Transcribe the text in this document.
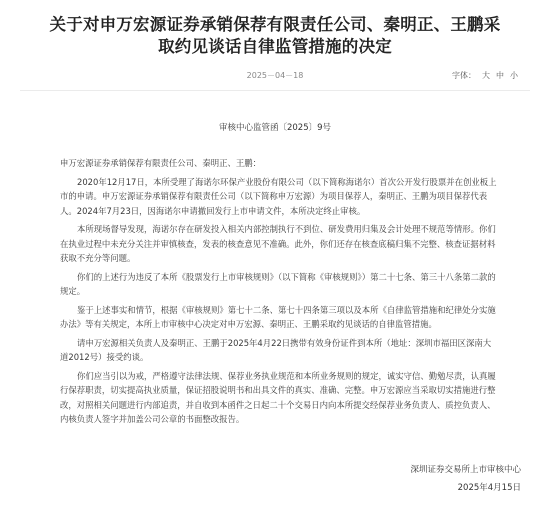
关于对申万宏源证券承销保荐有限责任公司、秦明正、王鹏采
取约见谈话自律监管措施的决定
2025－04－18	字体： 大 中 小
审核中心监管函〔2025〕9号

申万宏源证券承销保荐有限责任公司、秦明正、王鹏：

2020年12月17日，本所受理了海诺尔环保产业股份有限公司（以下简称海诺尔）首次公开发行股票并在创业板上市的申请。申万宏源证券承销保荐有限责任公司（以下简称申万宏源）为项目保荐人，秦明正、王鹏为项目保荐代表人。2024年7月23日，因海诺尔申请撤回发行上市申请文件，本所决定终止审核。

本所现场督导发现，海诺尔存在研发投入相关内部控制执行不到位、研发费用归集及会计处理不规范等情形。你们在执业过程中未充分关注并审慎核查，发表的核查意见不准确。此外，你们还存在核查底稿归集不完整、核查证据材料获取不充分等问题。

你们的上述行为违反了本所《股票发行上市审核规则》（以下简称《审核规则》）第二十七条、第三十八条第二款的规定。

鉴于上述事实和情节，根据《审核规则》第七十二条、第七十四条第三项以及本所《自律监管措施和纪律处分实施办法》等有关规定，本所上市审核中心决定对申万宏源、秦明正、王鹏采取约见谈话的自律监管措施。

请申万宏源相关负责人及秦明正、王鹏于2025年4月22日携带有效身份证件到本所（地址：深圳市福田区深南大道2012号）接受约谈。

你们应当引以为戒，严格遵守法律法规、保荐业务执业规范和本所业务规则的规定，诚实守信、勤勉尽责，认真履行保荐职责，切实提高执业质量，保证招股说明书和出具文件的真实、准确、完整。申万宏源应当采取切实措施进行整改，对照相关问题进行内部追责，并自收到本函件之日起二十个交易日内向本所提交经保荐业务负责人、质控负责人、内核负责人签字并加盖公司公章的书面整改报告。

深圳证券交易所上市审核中心
2025年4月15日
